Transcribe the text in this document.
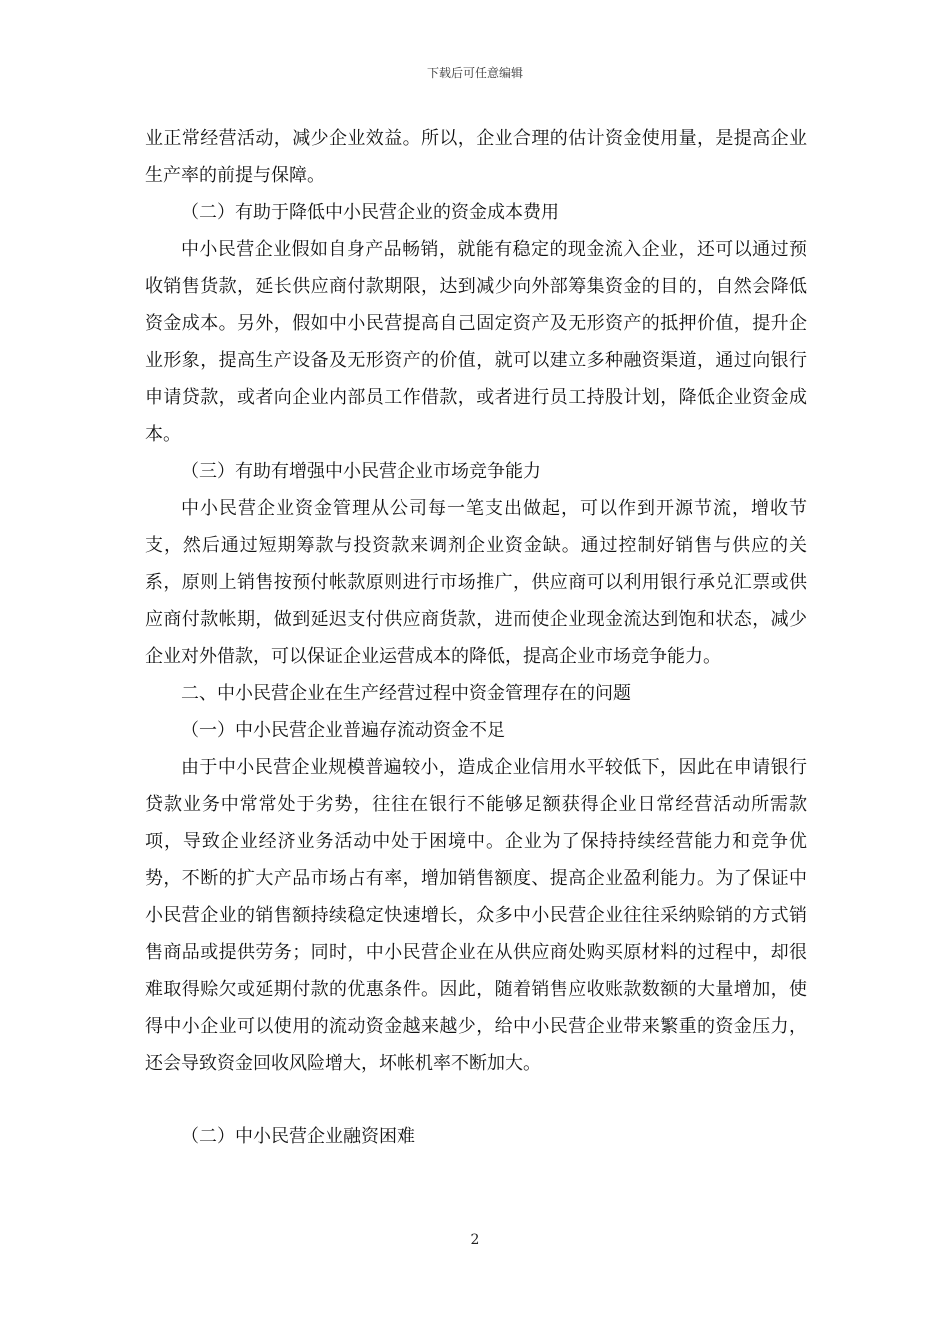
下载后可任意编辑

业正常经营活动，减少企业效益。所以，企业合理的估计资金使用量，是提高企业生产率的前提与保障。

（二）有助于降低中小民营企业的资金成本费用

中小民营企业假如自身产品畅销，就能有稳定的现金流入企业，还可以通过预收销售货款，延长供应商付款期限，达到减少向外部筹集资金的目的，自然会降低资金成本。另外，假如中小民营提高自己固定资产及无形资产的抵押价值，提升企业形象，提高生产设备及无形资产的价值，就可以建立多种融资渠道，通过向银行申请贷款，或者向企业内部员工作借款，或者进行员工持股计划，降低企业资金成本。

（三）有助有增强中小民营企业市场竞争能力

中小民营企业资金管理从公司每一笔支出做起，可以作到开源节流，增收节支，然后通过短期筹款与投资款来调剂企业资金缺。通过控制好销售与供应的关系，原则上销售按预付帐款原则进行市场推广，供应商可以利用银行承兑汇票或供应商付款帐期，做到延迟支付供应商货款，进而使企业现金流达到饱和状态，减少企业对外借款，可以保证企业运营成本的降低，提高企业市场竞争能力。

二、中小民营企业在生产经营过程中资金管理存在的问题

（一）中小民营企业普遍存流动资金不足

由于中小民营企业规模普遍较小，造成企业信用水平较低下，因此在申请银行贷款业务中常常处于劣势，往往在银行不能够足额获得企业日常经营活动所需款项，导致企业经济业务活动中处于困境中。企业为了保持持续经营能力和竞争优势，不断的扩大产品市场占有率，增加销售额度、提高企业盈利能力。为了保证中小民营企业的销售额持续稳定快速增长，众多中小民营企业往往采纳赊销的方式销售商品或提供劳务；同时，中小民营企业在从供应商处购买原材料的过程中，却很难取得赊欠或延期付款的优惠条件。因此，随着销售应收账款数额的大量增加，使得中小企业可以使用的流动资金越来越少，给中小民营企业带来繁重的资金压力，还会导致资金回收风险增大，坏帐机率不断加大。

（二）中小民营企业融资困难

2
